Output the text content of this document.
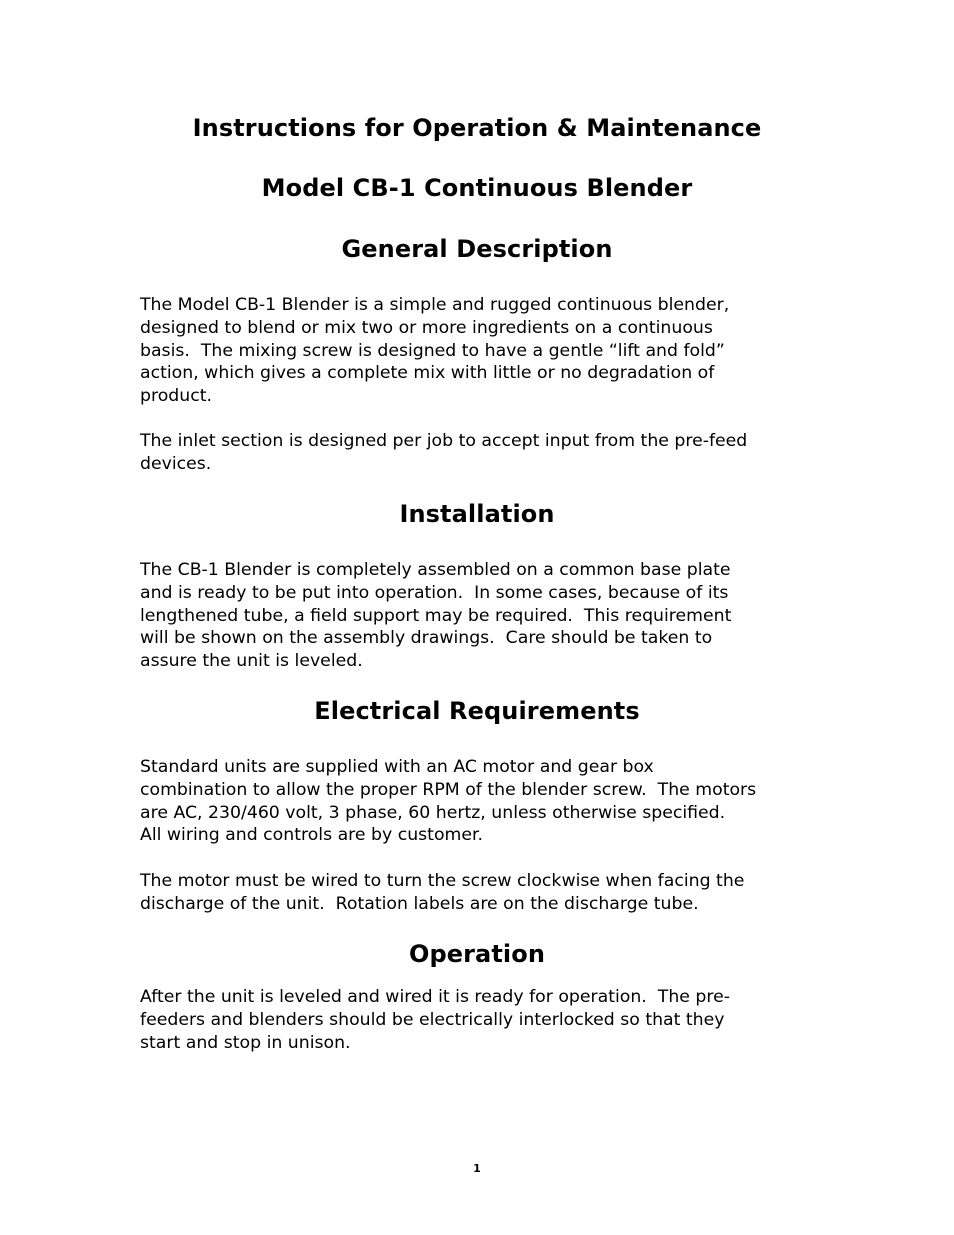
Instructions for Operation & Maintenance
Model CB-1 Continuous Blender
General Description

The Model CB-1 Blender is a simple and rugged continuous blender,
designed to blend or mix two or more ingredients on a continuous
basis.  The mixing screw is designed to have a gentle “lift and fold”
action, which gives a complete mix with little or no degradation of
product.

The inlet section is designed per job to accept input from the pre-feed
devices.

Installation

The CB-1 Blender is completely assembled on a common base plate
and is ready to be put into operation.  In some cases, because of its
lengthened tube, a field support may be required.  This requirement
will be shown on the assembly drawings.  Care should be taken to
assure the unit is leveled.

Electrical Requirements

Standard units are supplied with an AC motor and gear box
combination to allow the proper RPM of the blender screw.  The motors
are AC, 230/460 volt, 3 phase, 60 hertz, unless otherwise specified.
All wiring and controls are by customer.

The motor must be wired to turn the screw clockwise when facing the
discharge of the unit.  Rotation labels are on the discharge tube.

Operation

After the unit is leveled and wired it is ready for operation.  The pre-
feeders and blenders should be electrically interlocked so that they
start and stop in unison.

1
